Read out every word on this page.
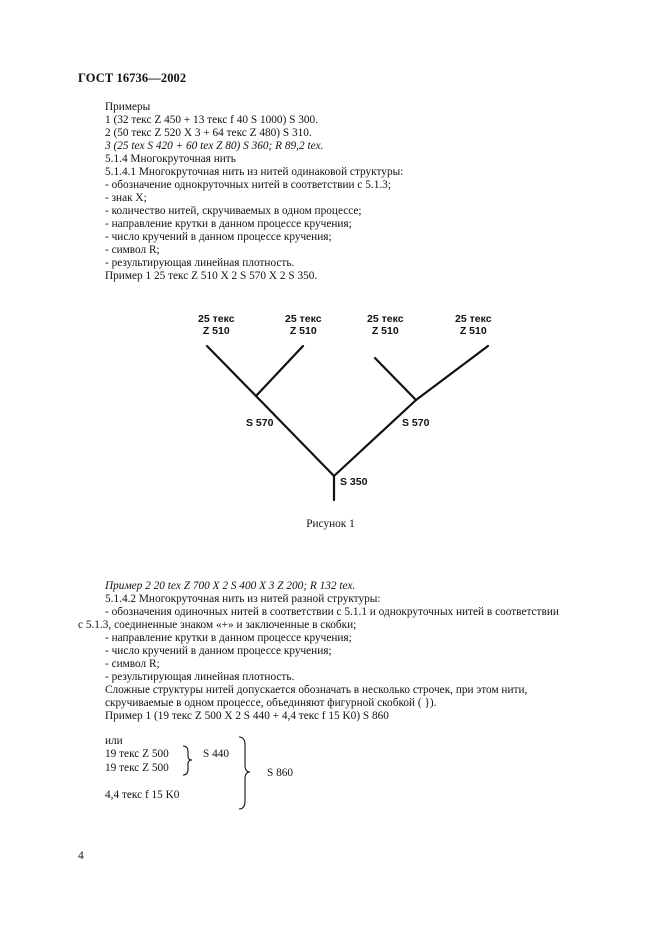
ГОСТ 16736—2002
Примеры
1 (32 текс Z 450 + 13 текс f 40 S 1000) S 300.
2 (50 текс Z 520 X 3 + 64 текс Z 480) S 310.
3 (25 tex S 420 + 60 tex Z 80) S 360; R 89,2 tex.
5.1.4 Многокруточная нить
5.1.4.1 Многокруточная нить из нитей одинаковой структуры:
- обозначение однокруточных нитей в соответствии с 5.1.3;
- знак X;
- количество нитей, скручиваемых в одном процессе;
- направление крутки в данном процессе кручения;
- число кручений в данном процессе кручения;
- символ R;
- результирующая линейная плотность.
Пример 1 25 текс Z 510 X 2 S 570 X 2 S 350.
25 текс
Z 510
25 текс
Z 510
25 текс
Z 510
25 текс
Z 510
S 570	S 570
S 350
Рисунок 1
Пример 2 20 tex Z 700 X 2 S 400 X 3 Z 200; R 132 tex.
5.1.4.2 Многокруточная нить из нитей разной структуры:
- обозначения одиночных нитей в соответствии с 5.1.1 и однокруточных нитей в соответствии
с 5.1.3, соединенные знаком «+» и заключенные в скобки;
- направление крутки в данном процессе кручения;
- число кручений в данном процессе кручения;
- символ R;
- результирующая линейная плотность.
Сложные структуры нитей допускается обозначать в несколько строчек, при этом нити,
скручиваемые в одном процессе, объединяют фигурной скобкой ( }).
Пример 1 (19 текс Z 500 X 2 S 440 + 4,4 текс f 15 K0) S 860
или
19 текс Z 500
19 текс Z 500
S 440
4,4 текс f 15 K0
S 860
4
